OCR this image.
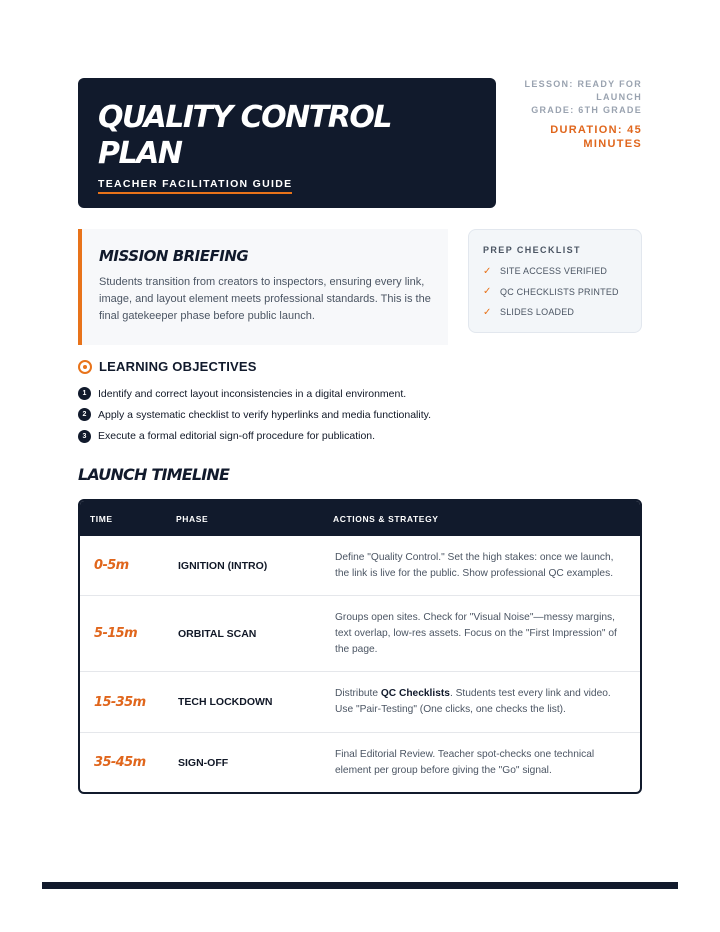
QUALITY CONTROL PLAN
TEACHER FACILITATION GUIDE
LESSON: READY FOR LAUNCH
GRADE: 6TH GRADE
DURATION: 45 MINUTES
MISSION BRIEFING

Students transition from creators to inspectors, ensuring every link, image, and layout element meets professional standards. This is the final gatekeeper phase before public launch.

PREP CHECKLIST
✓ SITE ACCESS VERIFIED
✓ QC CHECKLISTS PRINTED
✓ SLIDES LOADED
LEARNING OBJECTIVES
1	Identify and correct layout inconsistencies in a digital environment.
2	Apply a systematic checklist to verify hyperlinks and media functionality.
3	Execute a formal editorial sign-off procedure for publication.
LAUNCH TIMELINE
TIME	PHASE	ACTIONS & STRATEGY
0-5m	IGNITION (INTRO)
Define "Quality Control." Set the high stakes: once we launch, the link is live for the public. Show professional QC examples.
5-15m	ORBITAL SCAN
Groups open sites. Check for "Visual Noise"—messy margins, text overlap, low-res assets. Focus on the "First Impression" of the page.
15-35m	TECH LOCKDOWN
Distribute QC Checklists. Students test every link and video. Use "Pair-Testing" (One clicks, one checks the list).
35-45m	SIGN-OFF
Final Editorial Review. Teacher spot-checks one technical element per group before giving the "Go" signal.
